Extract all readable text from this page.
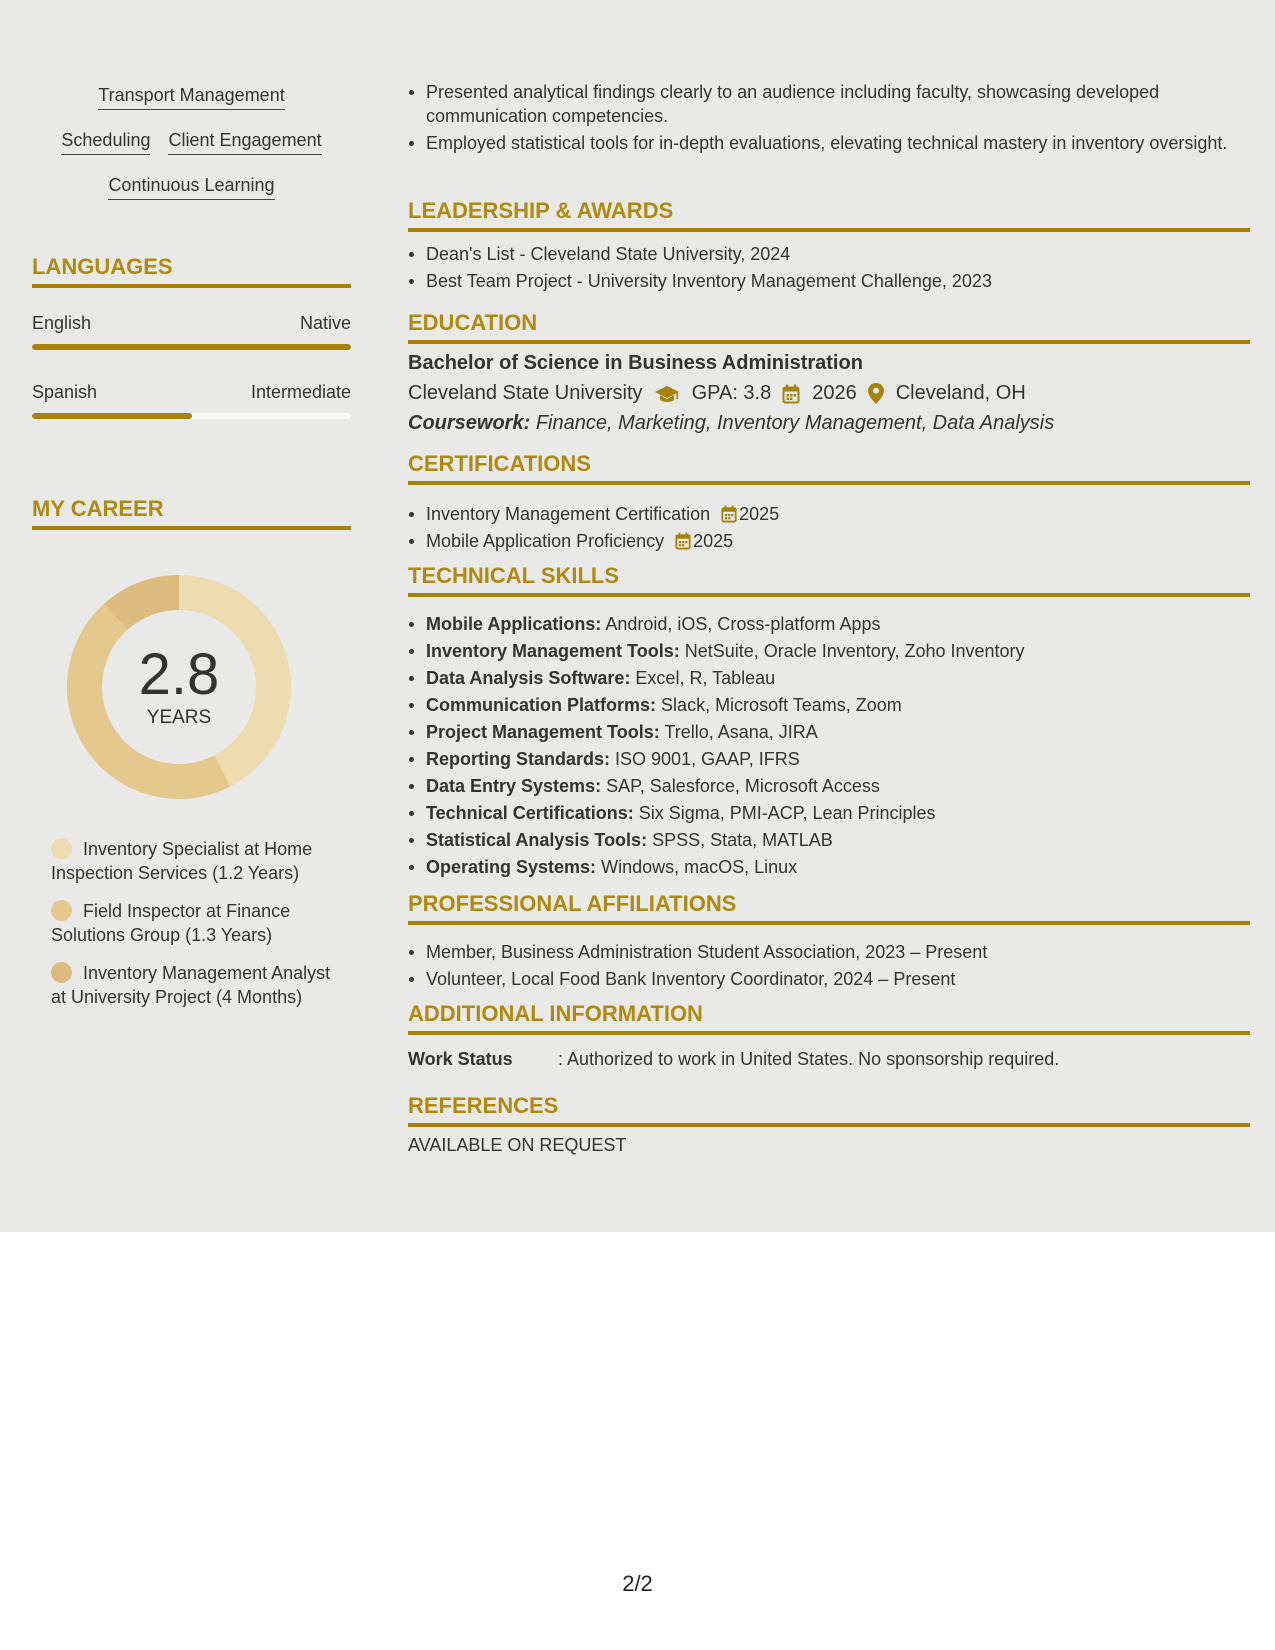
Transport Management
Scheduling Client Engagement
Continuous Learning
LANGUAGES
English	Native
Spanish	Intermediate
MY CAREER
2.8
YEARS
Inventory Specialist at Home Inspection Services (1.2 Years)
Field Inspector at Finance Solutions Group (1.3 Years)
Inventory Management Analyst at University Project (4 Months)
Presented analytical findings clearly to an audience including faculty, showcasing developed communication competencies.
Employed statistical tools for in-depth evaluations, elevating technical mastery in inventory oversight.
LEADERSHIP & AWARDS
Dean's List - Cleveland State University, 2024
Best Team Project - University Inventory Management Challenge, 2023
EDUCATION
Bachelor of Science in Business Administration
Cleveland State University GPA: 3.8 2026 Cleveland, OH
Coursework: Finance, Marketing, Inventory Management, Data Analysis
CERTIFICATIONS
Inventory Management Certification 2025
Mobile Application Proficiency 2025
TECHNICAL SKILLS
Mobile Applications: Android, iOS, Cross-platform Apps
Inventory Management Tools: NetSuite, Oracle Inventory, Zoho Inventory
Data Analysis Software: Excel, R, Tableau
Communication Platforms: Slack, Microsoft Teams, Zoom
Project Management Tools: Trello, Asana, JIRA
Reporting Standards: ISO 9001, GAAP, IFRS
Data Entry Systems: SAP, Salesforce, Microsoft Access
Technical Certifications: Six Sigma, PMI-ACP, Lean Principles
Statistical Analysis Tools: SPSS, Stata, MATLAB
Operating Systems: Windows, macOS, Linux
PROFESSIONAL AFFILIATIONS
Member, Business Administration Student Association, 2023 – Present
Volunteer, Local Food Bank Inventory Coordinator, 2024 – Present
ADDITIONAL INFORMATION
Work Status	: Authorized to work in United States. No sponsorship required.
REFERENCES
AVAILABLE ON REQUEST
2/2
